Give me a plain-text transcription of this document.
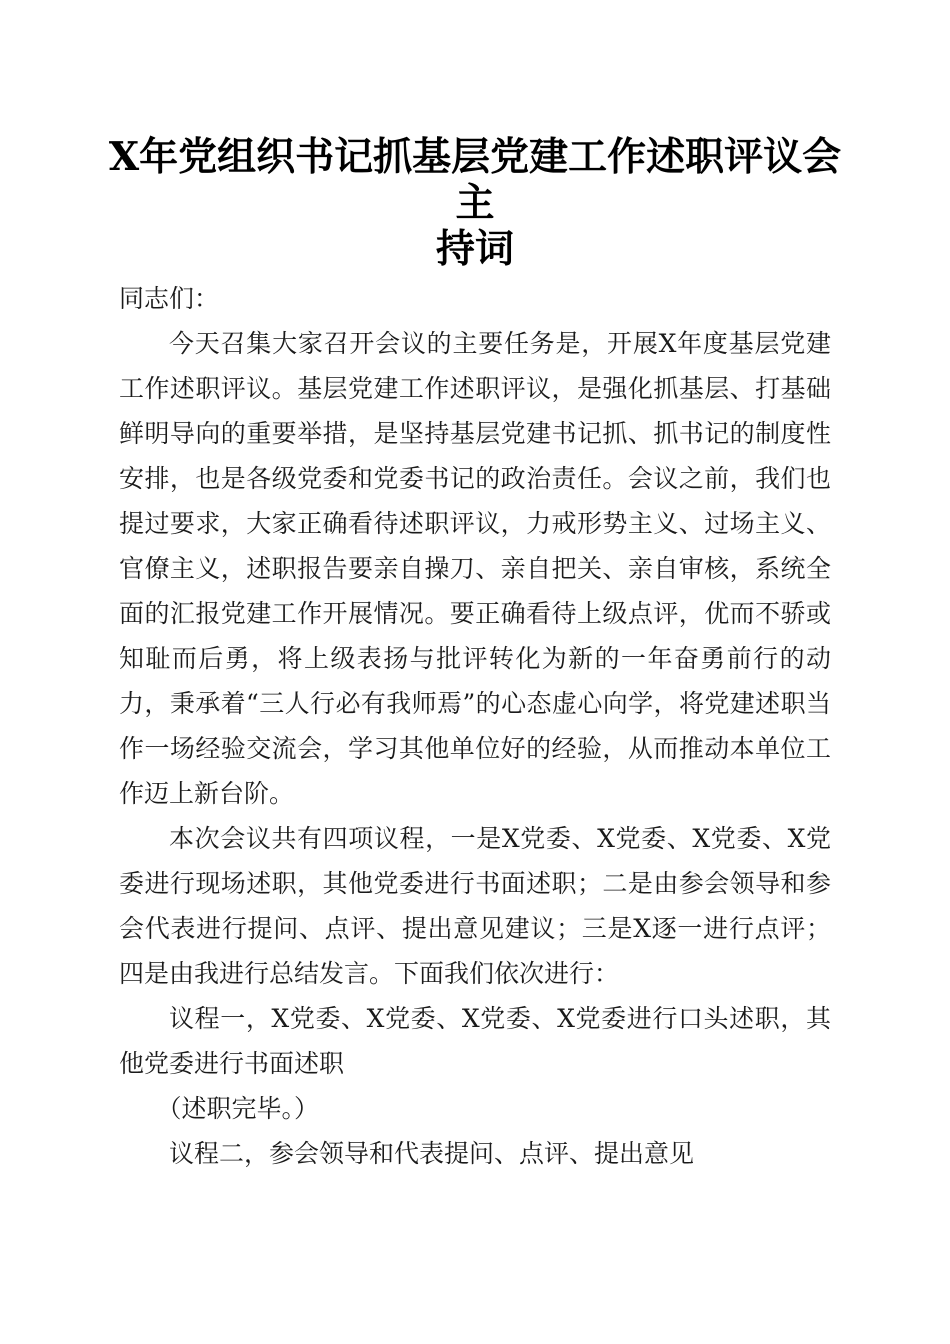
X年党组织书记抓基层党建工作述职评议会主
持词

同志们：

今天召集大家召开会议的主要任务是，开展X年度基层党建工作述职评议。基层党建工作述职评议，是强化抓基层、打基础鲜明导向的重要举措，是坚持基层党建书记抓、抓书记的制度性安排，也是各级党委和党委书记的政治责任。会议之前，我们也提过要求，大家正确看待述职评议，力戒形势主义、过场主义、官僚主义，述职报告要亲自操刀、亲自把关、亲自审核，系统全面的汇报党建工作开展情况。要正确看待上级点评，优而不骄或知耻而后勇，将上级表扬与批评转化为新的一年奋勇前行的动力，秉承着“三人行必有我师焉”的心态虚心向学，将党建述职当作一场经验交流会，学习其他单位好的经验，从而推动本单位工作迈上新台阶。

本次会议共有四项议程，一是X党委、X党委、X党委、X党委进行现场述职，其他党委进行书面述职；二是由参会领导和参会代表进行提问、点评、提出意见建议；三是X逐一进行点评；四是由我进行总结发言。下面我们依次进行：

议程一，X党委、X党委、X党委、X党委进行口头述职，其他党委进行书面述职

（述职完毕。）

议程二，参会领导和代表提问、点评、提出意见
